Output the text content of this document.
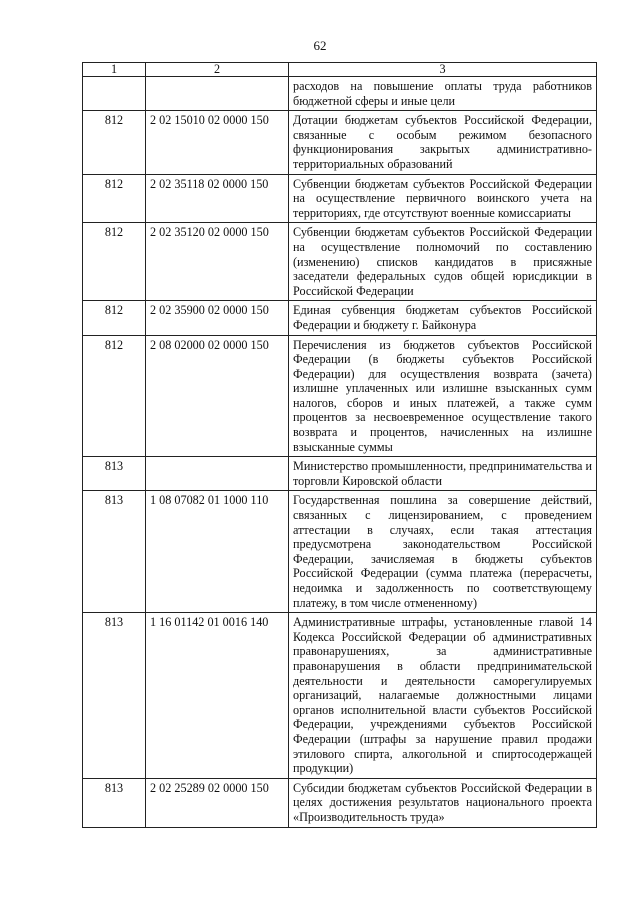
62
1	2	3
		расходов на повышение оплаты труда работников бюджетной сферы и иные цели
812	2 02 15010 02 0000 150	Дотации бюджетам субъектов Российской Федерации, связанные с особым режимом безопасного функционирования закрытых административно-территориальных образований
812	2 02 35118 02 0000 150	Субвенции бюджетам субъектов Российской Федерации на осуществление первичного воинского учета на территориях, где отсутствуют военные комиссариаты
812	2 02 35120 02 0000 150	Субвенции бюджетам субъектов Российской Федерации на осуществление полномочий по составлению (изменению) списков кандидатов в присяжные заседатели федеральных судов общей юрисдикции в Российской Федерации
812	2 02 35900 02 0000 150	Единая субвенция бюджетам субъектов Российской Федерации и бюджету г. Байконура
812	2 08 02000 02 0000 150	Перечисления из бюджетов субъектов Российской Федерации (в бюджеты субъектов Российской Федерации) для осуществления возврата (зачета) излишне уплаченных или излишне взысканных сумм налогов, сборов и иных платежей, а также сумм процентов за несвоевременное осуществление такого возврата и процентов, начисленных на излишне взысканные суммы
813		Министерство промышленности, предпринимательства и торговли Кировской области
813	1 08 07082 01 1000 110	Государственная пошлина за совершение действий, связанных с лицензированием, с проведением аттестации в случаях, если такая аттестация предусмотрена законодательством Российской Федерации, зачисляемая в бюджеты субъектов Российской Федерации (сумма платежа (перерасчеты, недоимка и задолженность по соответствующему платежу, в том числе отмененному)
813	1 16 01142 01 0016 140	Административные штрафы, установленные главой 14 Кодекса Российской Федерации об административных правонарушениях, за административные правонарушения в области предпринимательской деятельности и деятельности саморегулируемых организаций, налагаемые должностными лицами органов исполнительной власти субъектов Российской Федерации, учреждениями субъектов Российской Федерации (штрафы за нарушение правил продажи этилового спирта, алкогольной и спиртосодержащей продукции)
813	2 02 25289 02 0000 150	Субсидии бюджетам субъектов Российской Федерации в целях достижения результатов национального проекта «Производительность труда»
